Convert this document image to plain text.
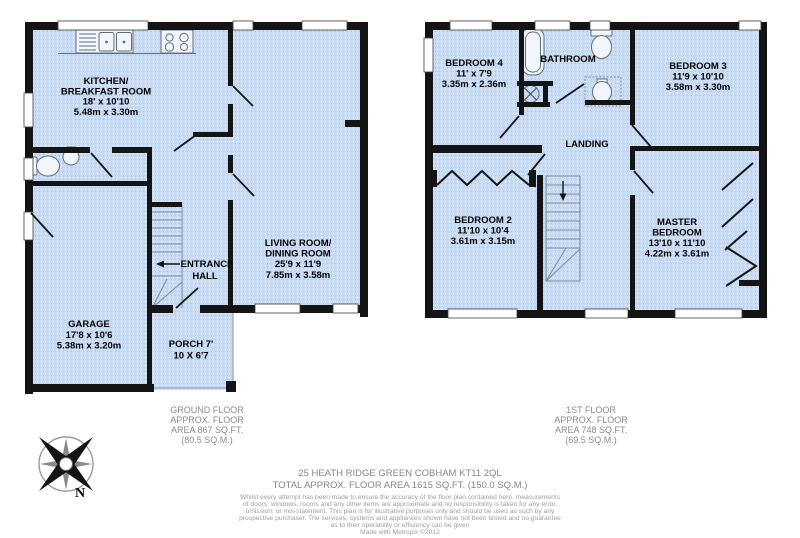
KITCHEN/
BREAKFAST ROOM
18' x 10'10
5.48m x 3.30m
LIVING ROOM/
DINING ROOM
25'9 x 11'9
7.85m x 3.58m
GARAGE
17'8 x 10'6
5.38m x 3.20m
ENTRANCE
HALL
PORCH 7'
10 X 6'7
BEDROOM 4
11' x 7'9
3.35m x 2.36m
BATHROOM
BEDROOM 3
11'9 x 10'10
3.58m x 3.30m
LANDING
BEDROOM 2
11'10 x 10'4
3.61m x 3.15m
MASTER
BEDROOM
13'10 x 11'10
4.22m x 3.61m
N
GROUND FLOOR
APPROX. FLOOR
AREA 867 SQ.FT.
(80.5 SQ.M.)
1ST FLOOR
APPROX. FLOOR
AREA 748 SQ.FT.
(69.5 SQ.M.)
25 HEATH RIDGE GREEN COBHAM KT11 2QL
TOTAL APPROX. FLOOR AREA 1615 SQ.FT. (150.0 SQ.M.)
Whilst every attempt has been made to ensure the accuracy of the floor plan contained here, measurements
of doors, windows, rooms and any other items are approximate and no responsibility is taken for any error,
omission, or mis-statement. This plan is for illustrative purposes only and should be used as such by any
prospective purchaser. The services, systems and appliances shown have not been tested and no guarantee
as to their operability or efficiency can be given
Made with Metropix ©2012
